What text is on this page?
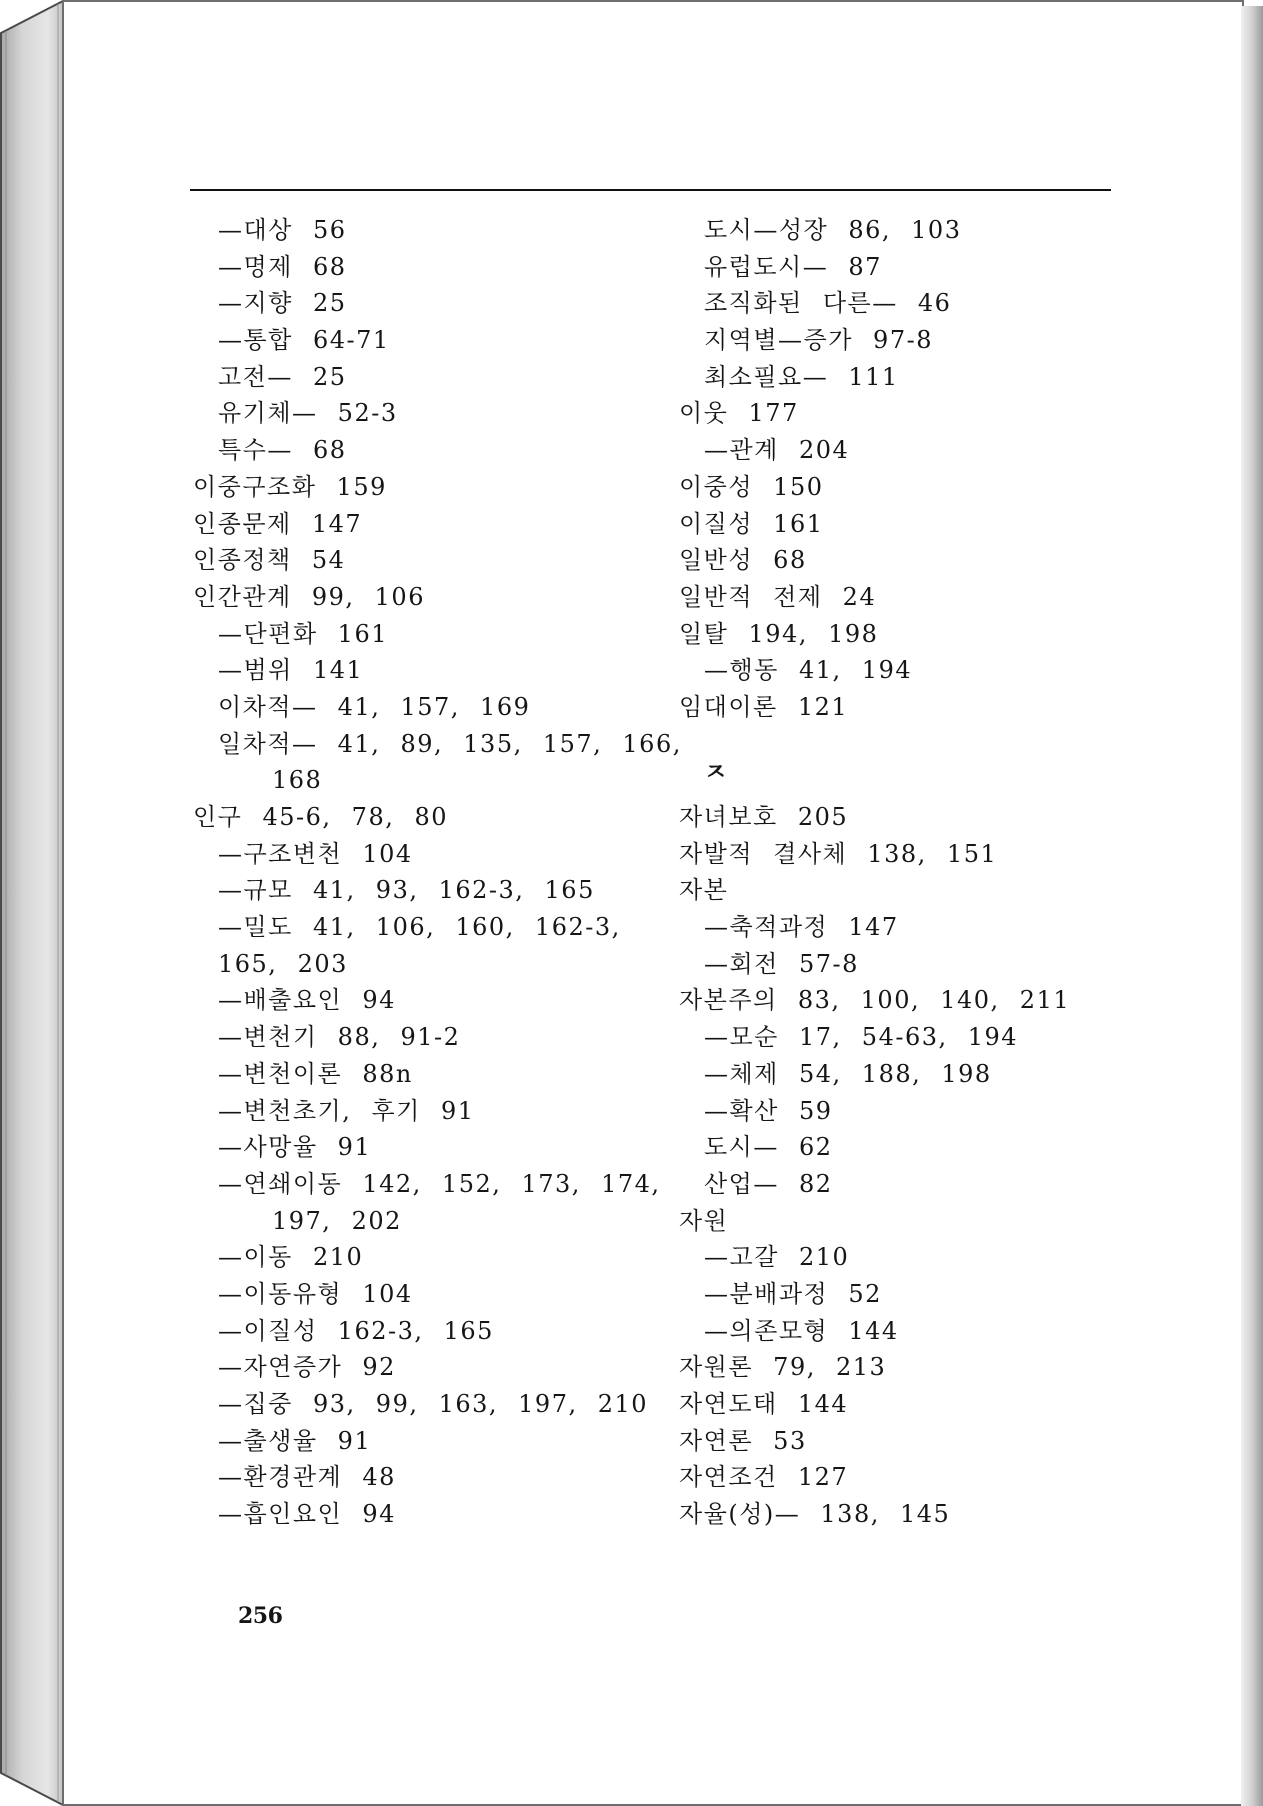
—대상 56
—명제 68
—지향 25
—통합 64-71
고전— 25
유기체— 52-3
특수— 68
이중구조화 159
인종문제 147
인종정책 54
인간관계 99, 106
—단편화 161
—범위 141
이차적— 41, 157, 169
일차적— 41, 89, 135, 157, 166,
168
인구 45-6, 78, 80
—구조변천 104
—규모 41, 93, 162-3, 165
—밀도 41, 106, 160, 162-3,
165, 203
—배출요인 94
—변천기 88, 91-2
—변천이론 88n
—변천초기, 후기 91
—사망율 91
—연쇄이동 142, 152, 173, 174,
197, 202
—이동 210
—이동유형 104
—이질성 162-3, 165
—자연증가 92
—집중 93, 99, 163, 197, 210
—출생율 91
—환경관계 48
—흡인요인 94
도시—성장 86, 103
유럽도시— 87
조직화된 다른— 46
지역별—증가 97-8
최소필요— 111
이웃 177
—관계 204
이중성 150
이질성 161
일반성 68
일반적 전제 24
일탈 194, 198
—행동 41, 194
임대이론 121
ㅈ
자녀보호 205
자발적 결사체 138, 151
자본
—축적과정 147
—회전 57-8
자본주의 83, 100, 140, 211
—모순 17, 54-63, 194
—체제 54, 188, 198
—확산 59
도시— 62
산업— 82
자원
—고갈 210
—분배과정 52
—의존모형 144
자원론 79, 213
자연도태 144
자연론 53
자연조건 127
자율(성)— 138, 145
256
